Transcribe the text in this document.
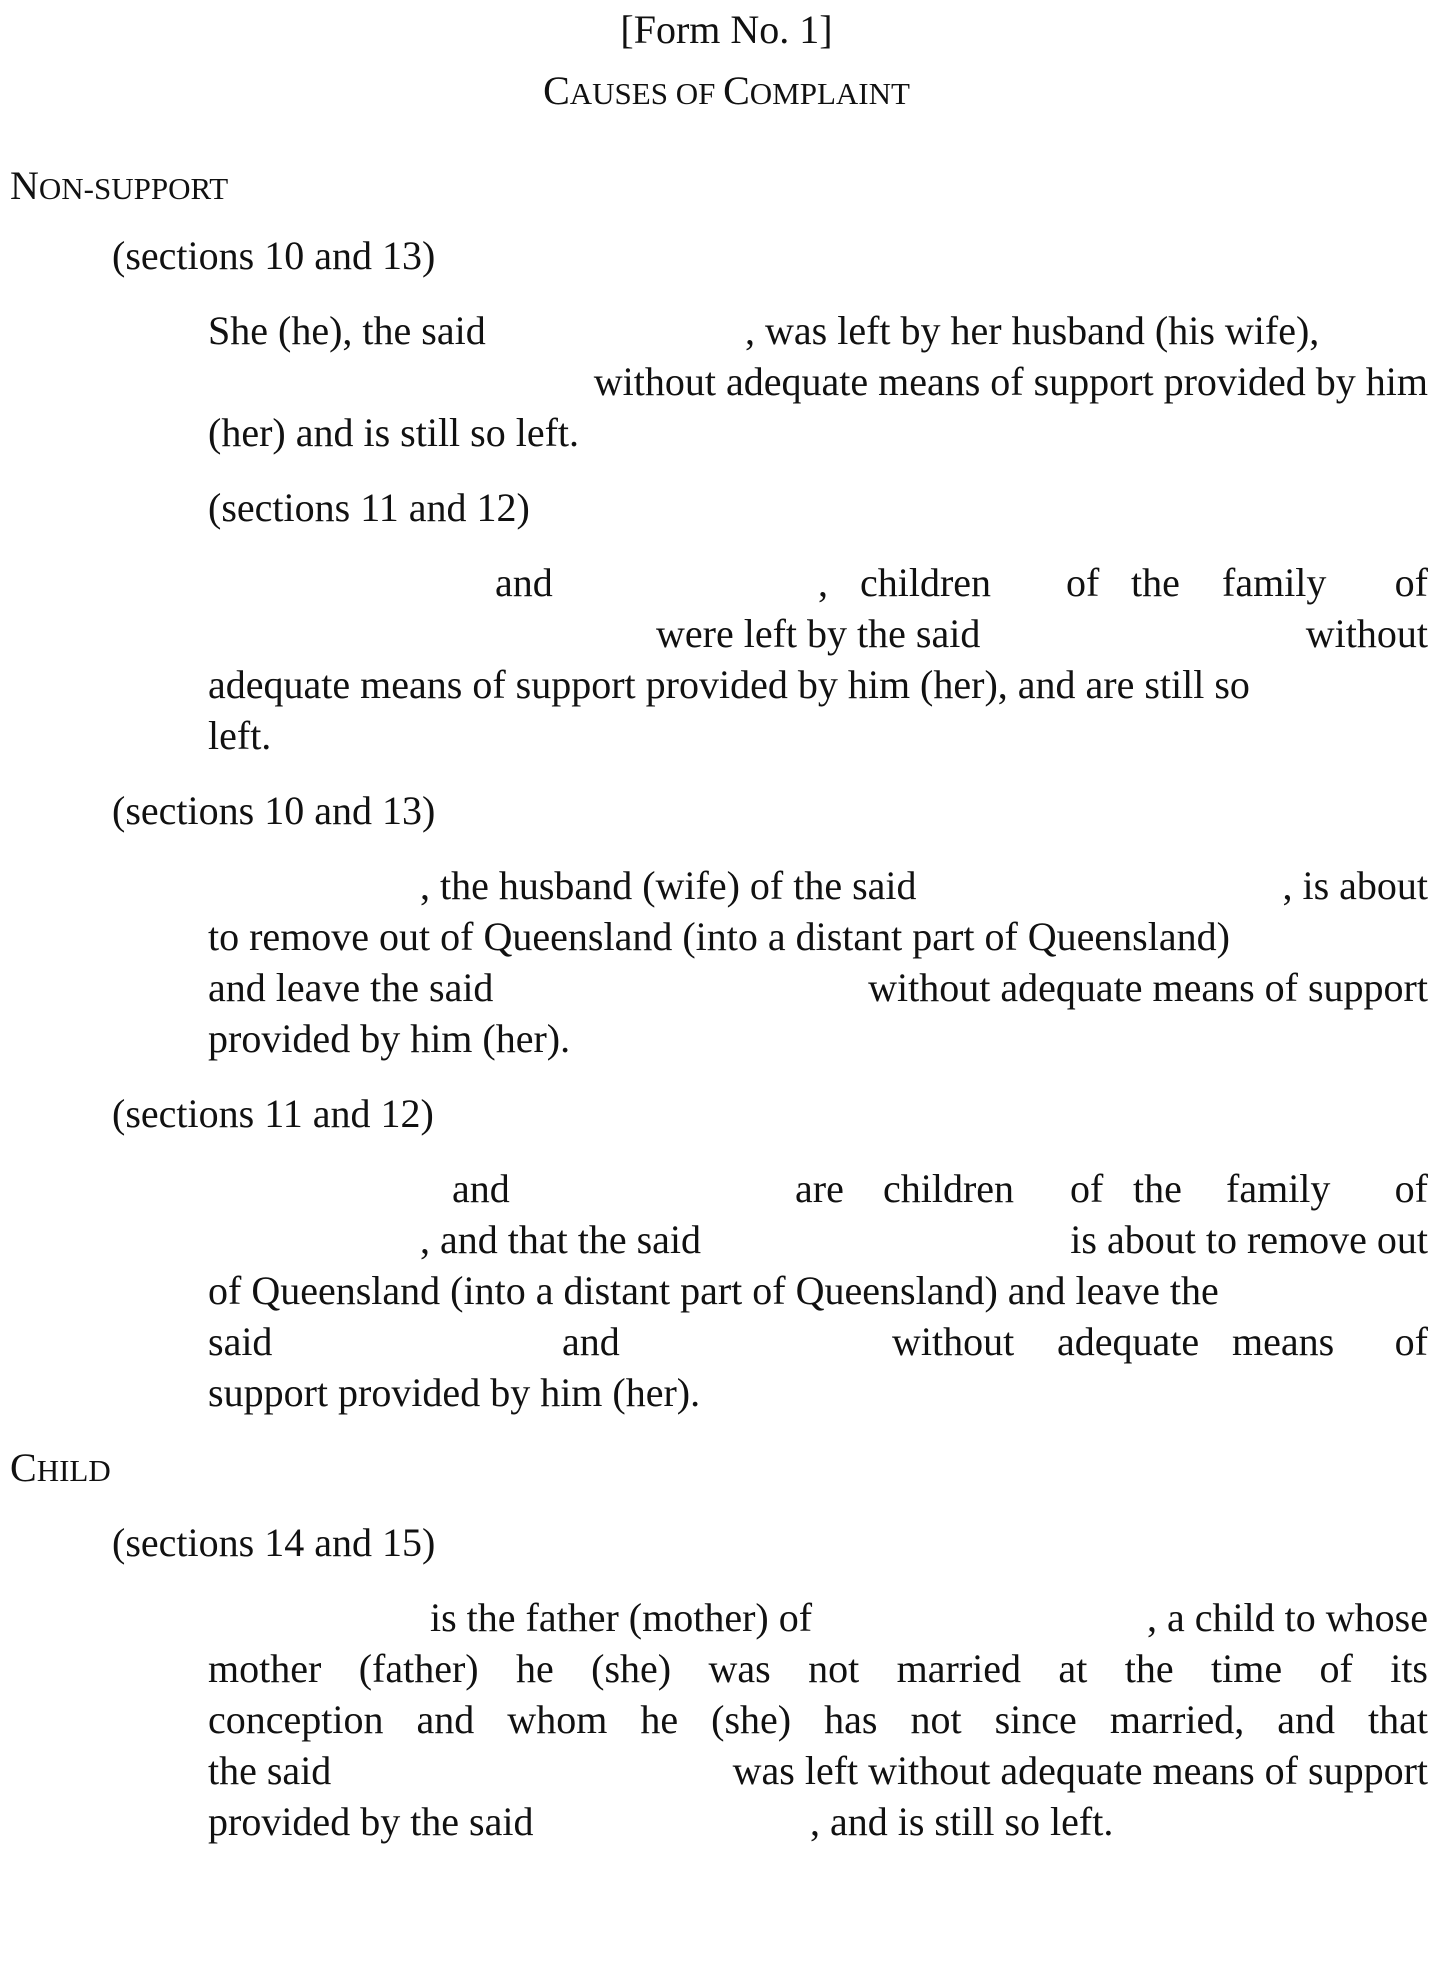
[Form No. 1]
CAUSES OF COMPLAINT
NON-SUPPORT
(sections 10 and 13)
She (he), the said	, was left by her husband (his wife),
without adequate means of support provided by him
(her) and is still so left.
(sections 11 and 12)
and	, children of the family of
were left by the said	without
adequate means of support provided by him (her), and are still so
left.
(sections 10 and 13)
, the husband (wife) of the said	, is about
to remove out of Queensland (into a distant part of Queensland)
and leave the said	without adequate means of support
provided by him (her).
(sections 11 and 12)
and	are children of the family of
, and that the said	is about to remove out
of Queensland (into a distant part of Queensland) and leave the
said	and	without adequate means of
support provided by him (her).
CHILD
(sections 14 and 15)
is the father (mother) of	, a child to whose
mother (father) he (she) was not married at the time of its
conception and whom he (she) has not since married, and that
the said	was left without adequate means of support
provided by the said	, and is still so left.
